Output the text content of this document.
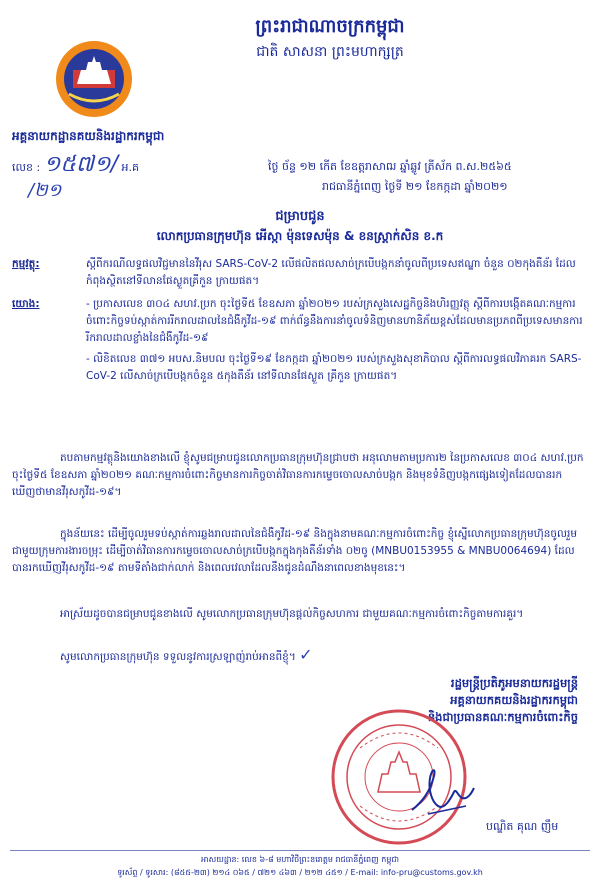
ព្រះរាជាណាចក្រកម្ពុជា
ជាតិ សាសនា ព្រះមហាក្សត្រ
អគ្គនាយកដ្ឋានគយនិងរដ្ឋាករកម្ពុជា
លេខ : ១៥៧១/ អ.គ
/២១
ថ្ងៃ ច័ន្ទ ១២ កើត ខែឧត្តរាសាឍ ឆ្នាំឆ្លូវ ត្រីស័ក ព.ស.២៥៦៥
រាជធានីភ្នំពេញ ថ្ងៃទី ២១ ខែកក្កដា ឆ្នាំ២០២១
ជម្រាបជូន
លោកប្រធានក្រុមហ៊ុន អើស្កា ម៉ុនទេសម៉ុន & ខនស្ត្រាក់សិន ខ.ក
កម្មវត្ថុ:	ស្តីពីករណីលទ្ធផលវិជ្ជមាននៃវីរុស SARS-CoV-2 លើផលិតផលសាច់ក្របើបង្កកនាំចូលពីប្រទេសឥណ្ឌា ចំនួន ០២កុងតឺន័រ ដែលកំពុងស្ថិតនៅទីលានផែស្ងួតគ្រីកួន ក្រាយផត។
យោង:	- ប្រកាសលេខ ៣០៤ សហវ.ប្រក ចុះថ្ងៃទី៥ ខែឧសភា ឆ្នាំ២០២១ របស់ក្រសួងសេដ្ឋកិច្ចនិងហិរញ្ញវត្ថុ ស្តីពីការបង្កើតគណៈកម្មការចំពោះកិច្ចទប់ស្កាត់ការរីករាលដាលនៃជំងឺកូវីដ-១៩ ពាក់ព័ន្ធនឹងការនាំចូលទំនិញមានហានិភ័យខ្ពស់ដែលមានប្រភពពីប្រទេសមានការរីករាលដាលខ្លាំងនៃជំងឺកូវីដ-១៩
- លិខិតលេខ ៣៧១ អបស.និមបល ចុះថ្ងៃទី១៩ ខែកក្កដា ឆ្នាំ២០២១ របស់ក្រសួងសុខាភិបាល ស្តីពីការលទ្ធផលវិភាគរក SARS-CoV-2 លើសាច់ក្របើបង្កកចំនួន ៥កុងតឺន័រ នៅទីលានផែស្ងួត គ្រីកួន ក្រាយផត។
តបតាមកម្មវត្ថុនិងយោងខាងលើ ខ្ញុំសូមជម្រាបជូនលោកប្រធានក្រុមហ៊ុនជ្រាបថា អនុលោមតាមប្រការ២ នៃប្រកាសលេខ ៣០៤ សហវ.ប្រក ចុះថ្ងៃទី៥ ខែឧសភា ឆ្នាំ២០២១ គណៈកម្មការចំពោះកិច្ចមានការកិច្ចចាត់វិធានការកម្ទេចចោលសាច់បង្កក និងមុខទំនិញបង្កកផ្សេងទៀតដែលបានរកឃើញថាមានវីរុសកូវីដ-១៩។
ក្នុងន័យនេះ ដើម្បីចូលរួមទប់ស្កាត់ការឆ្លងរាលដាលនៃជំងឺកូវីដ-១៩ និងក្នុងនាមគណៈកម្មការចំពោះកិច្ច ខ្ញុំស្នើលោកប្រធានក្រុមហ៊ុនចូលរួមជាមួយក្រុមការងារចម្រុះ ដើម្បីចាត់វិធានការកម្ទេចចោលសាច់ក្របើបង្កកក្នុងកុងតឺន័រទាំង ០២ចូ (MNBU0153955 & MNBU0064694) ដែលបានរកឃើញវីរុសកូវីដ-១៩ តាមទីតាំងជាក់លាក់ និងពេលវេលាដែលនឹងជូនដំណឹងនាពេលខាងមុខនេះ។
អាស្រ័យដូចបានជម្រាបជូនខាងលើ សូមលោកប្រធានក្រុមហ៊ុនផ្តល់កិច្ចសហការ ជាមួយគណៈកម្មការចំពោះកិច្ចតាមការគួរ។
សូមលោកប្រធានក្រុមហ៊ុន ទទួលនូវការស្រឡាញ់រាប់អានពីខ្ញុំ។ ✓
រដ្ឋមន្ត្រីប្រតិភូអមនាយករដ្ឋមន្ត្រី
អគ្គនាយកគយនិងរដ្ឋាករកម្ពុជា
និងជាប្រធានគណៈកម្មការចំពោះកិច្ច
បណ្ឌិត គុណ ញឹម
អាសយដ្ឋាន: លេខ ៦-៨ មហាវិថីព្រះនរោត្តម រាជធានីភ្នំពេញ កម្ពុជា
ទូរស័ព្ទ / ទូរសារ: (៨៥៥-២៣) ២១៤ ០៦៥ / ៧២១ ៤៦៣ / ២១២ ៤៥១ / E-mail: info-pru@customs.gov.kh
